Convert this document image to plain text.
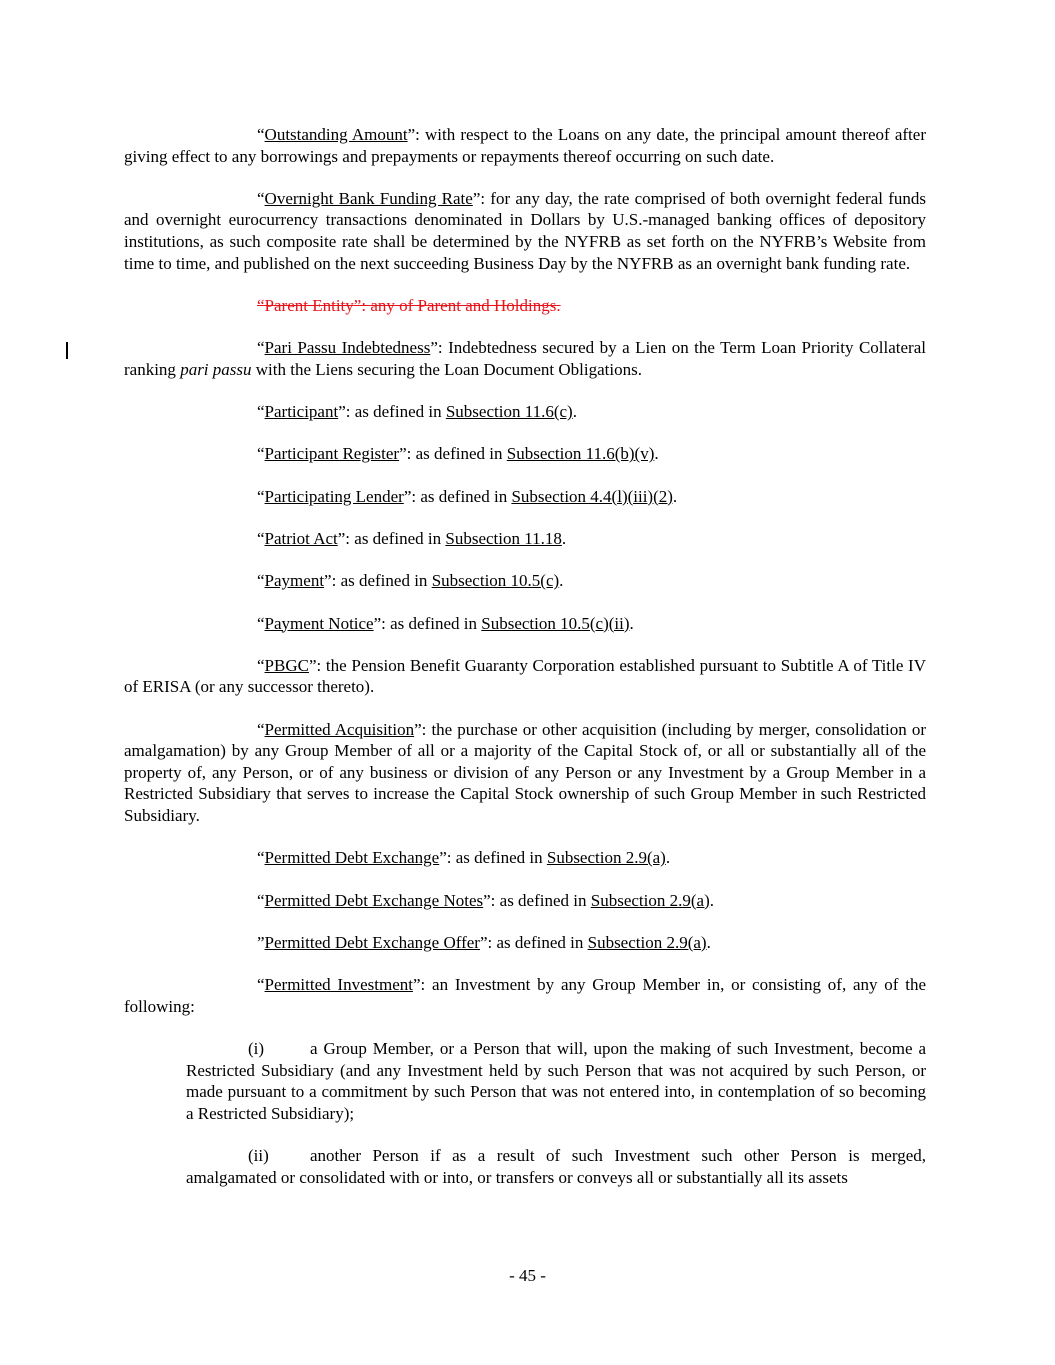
“Outstanding Amount”: with respect to the Loans on any date, the principal amount thereof after giving effect to any borrowings and prepayments or repayments thereof occurring on such date.

“Overnight Bank Funding Rate”: for any day, the rate comprised of both overnight federal funds and overnight eurocurrency transactions denominated in Dollars by U.S.-managed banking offices of depository institutions, as such composite rate shall be determined by the NYFRB as set forth on the NYFRB’s Website from time to time, and published on the next succeeding Business Day by the NYFRB as an overnight bank funding rate.

“Parent Entity”: any of Parent and Holdings.

“Pari Passu Indebtedness”: Indebtedness secured by a Lien on the Term Loan Priority Collateral ranking pari passu with the Liens securing the Loan Document Obligations.

“Participant”: as defined in Subsection 11.6(c).

“Participant Register”: as defined in Subsection 11.6(b)(v).

“Participating Lender”: as defined in Subsection 4.4(l)(iii)(2).

“Patriot Act”: as defined in Subsection 11.18.

“Payment”: as defined in Subsection 10.5(c).

“Payment Notice”: as defined in Subsection 10.5(c)(ii).

“PBGC”: the Pension Benefit Guaranty Corporation established pursuant to Subtitle A of Title IV of ERISA (or any successor thereto).

“Permitted Acquisition”: the purchase or other acquisition (including by merger, consolidation or amalgamation) by any Group Member of all or a majority of the Capital Stock of, or all or substantially all of the property of, any Person, or of any business or division of any Person or any Investment by a Group Member in a Restricted Subsidiary that serves to increase the Capital Stock ownership of such Group Member in such Restricted Subsidiary.

“Permitted Debt Exchange”: as defined in Subsection 2.9(a).

“Permitted Debt Exchange Notes”: as defined in Subsection 2.9(a).

”Permitted Debt Exchange Offer”: as defined in Subsection 2.9(a).

“Permitted Investment”: an Investment by any Group Member in, or consisting of, any of the following:

(i)	a Group Member, or a Person that will, upon the making of such Investment, become a Restricted Subsidiary (and any Investment held by such Person that was not acquired by such Person, or made pursuant to a commitment by such Person that was not entered into, in contemplation of so becoming a Restricted Subsidiary);

(ii) another Person if as a result of such Investment such other Person is merged, amalgamated or consolidated with or into, or transfers or conveys all or substantially all its assets

- 45 -
